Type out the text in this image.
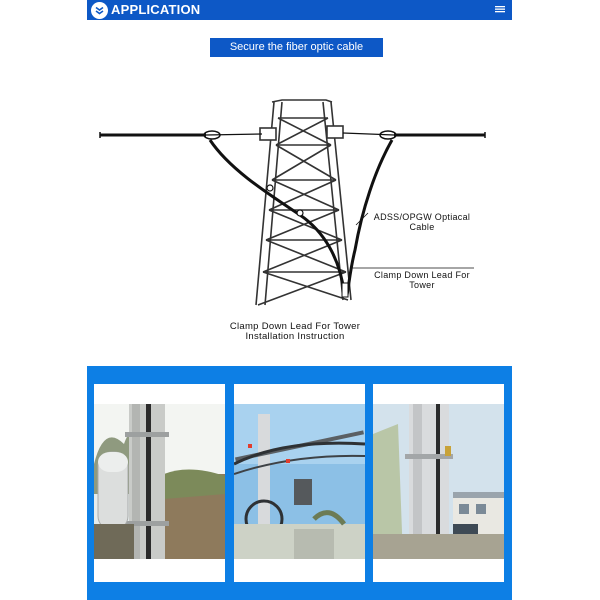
APPLICATION
Secure the fiber optic cable
ADSS/OPGW Optiacal
Cable
Clamp Down Lead For
Tower
Clamp Down Lead For Tower
Installation Instruction
